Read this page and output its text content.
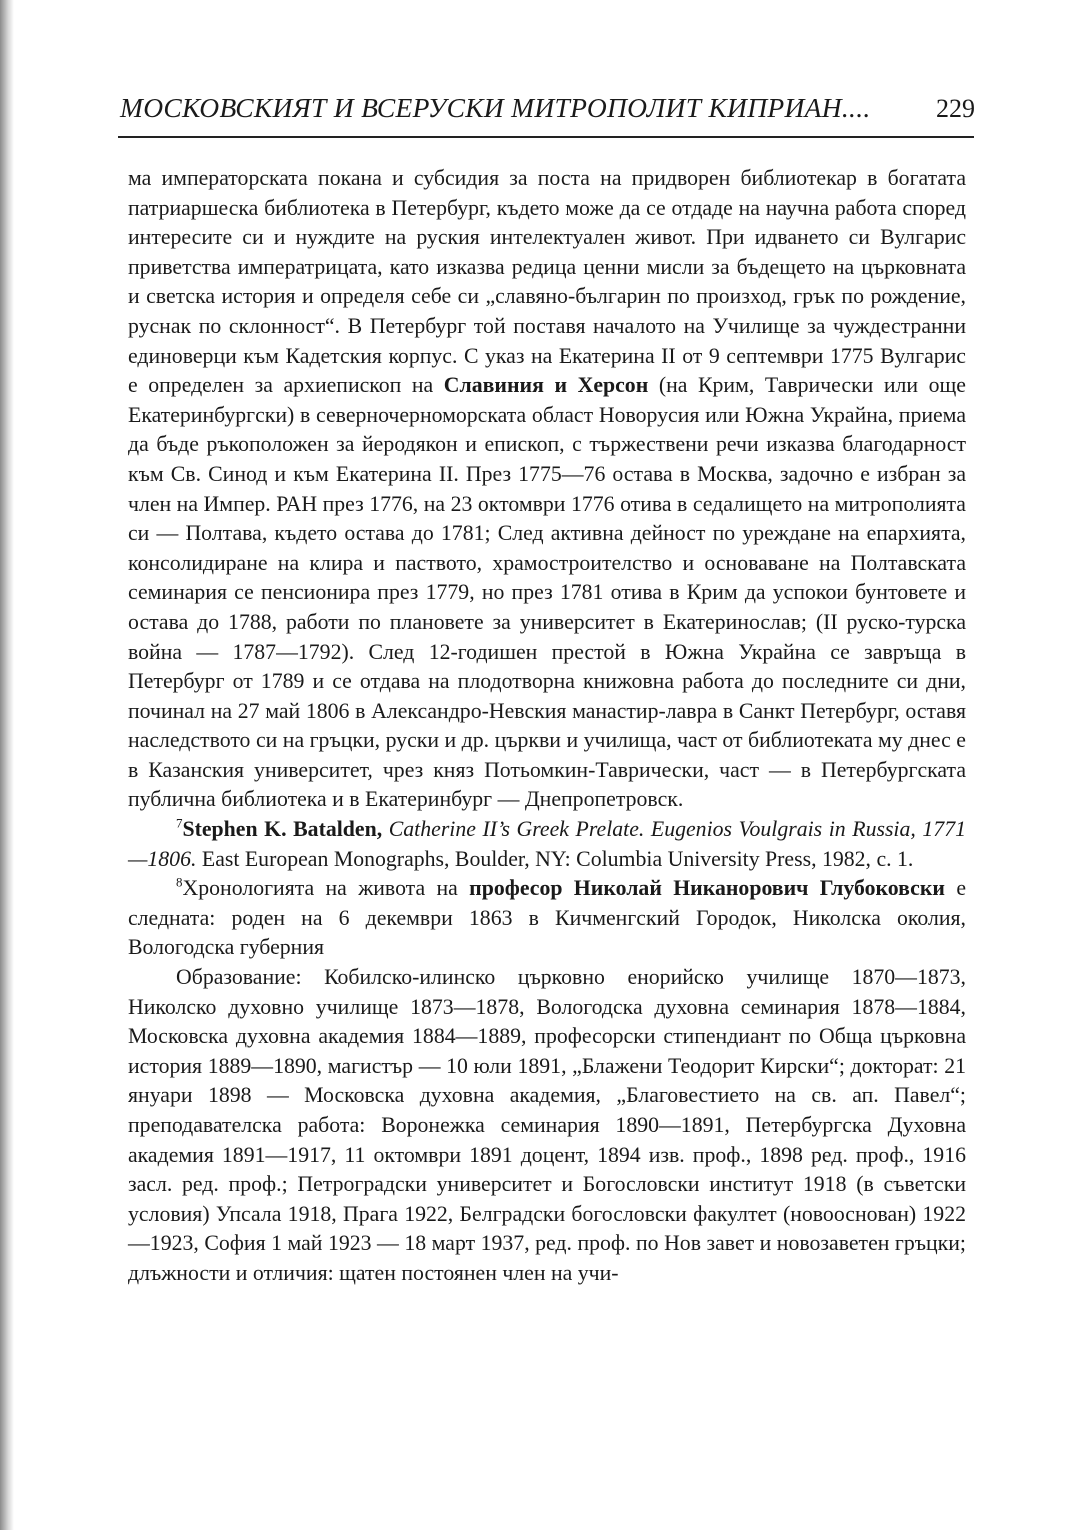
МОСКОВСКИЯТ И ВСЕРУСКИ МИТРОПОЛИТ КИПРИАН....	229

ма императорската покана и субсидия за поста на придворен библиотекар в богатата патриаршеска библиотека в Петербург, където може да се отдаде на научна работа според интересите си и нуждите на руския интелектуален живот. При идването си Вулгарис приветства императрицата, като изказва редица ценни мисли за бъдещето на църковната и светска история и определя себе си „славяно-българин по произход, грък по рождение, руснак по склонност“. В Петербург той поставя началото на Училище за чуждестранни единоверци към Кадетския корпус. С указ на Екатерина II от 9 септември 1775 Вулгарис е определен за архиепископ на Славиния и Херсон (на Крим, Таврически или още Екатеринбургски) в северночерноморската област Новорусия или Южна Украйна, приема да бъде ръкоположен за йеродякон и епископ, с тържествени речи изказва благодарност към Св. Синод и към Екатерина II. През 1775—76 остава в Москва, задочно е избран за член на Импер. РАН през 1776, на 23 октомври 1776 отива в седалището на митрополията си — Полтава, където остава до 1781; След активна дейност по уреждане на епархията, консолидиране на клира и паството, храмостроителство и основаване на Полтавската семинария се пенсионира през 1779, но през 1781 отива в Крим да успокои бунтовете и остава до 1788, работи по плановете за университет в Екатеринослав; (II руско-турска война — 1787—1792). След 12-годишен престой в Южна Украйна се завръща в Петербург от 1789 и се отдава на плодотворна книжовна работа до последните си дни, починал на 27 май 1806 в Александро-Невския манастир-лавра в Санкт Петербург, оставя наследството си на гръцки, руски и др. църкви и училища, част от библиотеката му днес е в Казанския университет, чрез княз Потьомкин-Таврически, част — в Петербургската публична библиотека и в Екатеринбург — Днепропетровск.

$^7$Stephen K. Batalden, Catherine II’s Greek Prelate. Eugenios Voulgrais in Russia, 1771—1806. East European Monographs, Boulder, NY: Columbia University Press, 1982, с. 1.

$^8$Хронологията на живота на професор Николай Никанорович Глубоковски е следната: роден на 6 декември 1863 в Кичменгский Городок, Николска околия, Вологодска губерния

Образование: Кобилско-илинско църковно енорийско училище 1870—1873, Николско духовно училище 1873—1878, Вологодска духовна семинария 1878—1884, Московска духовна академия 1884—1889, професорски стипендиант по Обща църковна история 1889—1890, магистър — 10 юли 1891, „Блажени Теодорит Кирски“; докторат: 21 януари 1898 — Московска духовна академия, „Благовестието на св. ап. Павел“; преподавателска работа: Воронежка семинария 1890—1891, Петербургска Духовна академия 1891—1917, 11 октомври 1891 доцент, 1894 изв. проф., 1898 ред. проф., 1916 засл. ред. проф.; Петроградски университет и Богословски институт 1918 (в съветски условия) Упсала 1918, Прага 1922, Белградски богословски факултет (новооснован) 1922—1923, София 1 май 1923 — 18 март 1937, ред. проф. по Нов завет и новозаветен гръцки; длъжности и отличия: щатен постоянен член на учи-
